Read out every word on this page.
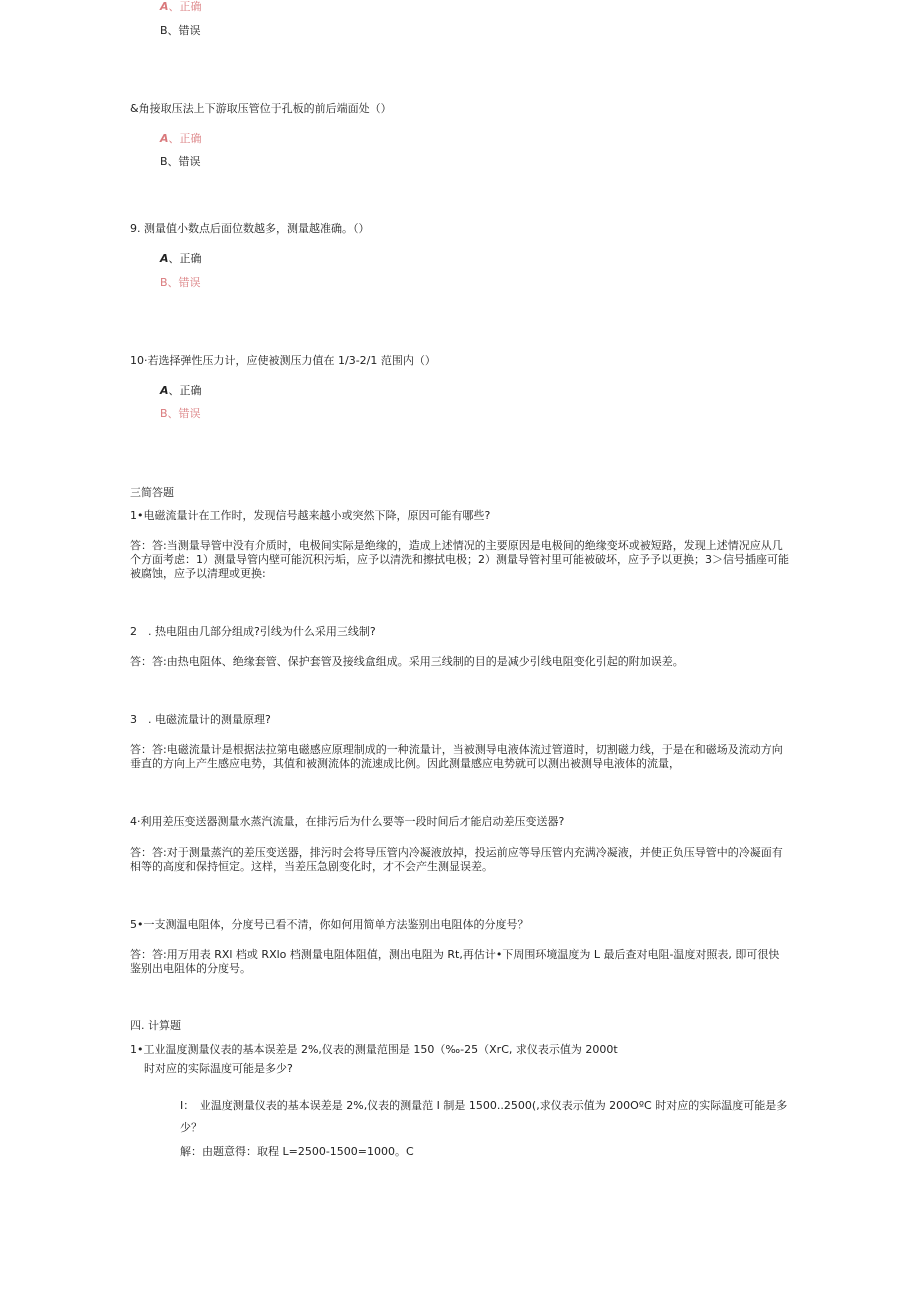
A、正确
B、错误
&角接取压法上下游取压管位于孔板的前后端面处（）
A、正确
B、错误
9. 测量值小数点后面位数越多，测量越准确。（）
A、正确
B、错误
10·若选择弹性压力计，应使被测压力值在 1/3-2/1 范围内（）
A、正确
B、错误
三简答题
1•电磁流量计在工作时，发现信号越来越小或突然下降，原因可能有哪些?
答：答:当测量导管中没有介质时，电极间实际是绝缘的，造成上述情况的主要原因是电极间的绝缘变坏或被短路，发现上述情况应从几个方面考虑：1）测量导管内壁可能沉积污垢，应予以清洗和擦拭电极；2）测量导管衬里可能被破坏，应予予以更换；3＞信号插座可能被腐蚀，应予以清理或更换:
2　. 热电阻由几部分组成?引线为什么采用三线制?
答：答:由热电阻体、绝缘套管、保护套管及接线盒组成。采用三线制的目的是减少引线电阻变化引起的附加误差。
3　. 电磁流量计的测量原理?
答：答:电磁流量计是根据法拉第电磁感应原理制成的一种流量计，当被测导电液体流过管道时，切割磁力线，于是在和磁场及流动方向垂直的方向上产生感应电势，其值和被测流体的流速成比例。因此测量感应电势就可以测出被测导电液体的流量，
4·利用差压变送器测量水蒸汽流量，在排污后为什么要等一段时间后才能启动差压变送器?
答：答:对于测量蒸汽的差压变送器，排污时会将导压管内冷凝液放掉，投运前应等导压管内充满冷凝液，并使正负压导管中的冷凝面有相等的高度和保持恒定。这样，当差压急剧变化时，才不会产生测显误差。
5•一支测温电阻体，分度号已看不清，你如何用简单方法鉴别出电阻体的分度号？
答：答:用万用表 RXl 档或 RXlo 档测量电阻体阻值，测出电阻为 Rt,再估计•下周围环境温度为 L 最后查对电阻-温度对照表, 即可很快鉴别出电阻体的分度号。
四. 计算题
1•工业温度测量仪表的基本误差是 2%,仪表的测量范围是 150（‰-25（XrC, 求仪表示值为 2000t
时对应的实际温度可能是多少?
I：　业温度测量仪表的基本误差是 2%,仪表的测量范 I 制是 1500..2500(,求仪表示值为 200OºC 时对应的实际温度可能是多少？
解：由题意得：取程 L=2500-1500=1000。C
